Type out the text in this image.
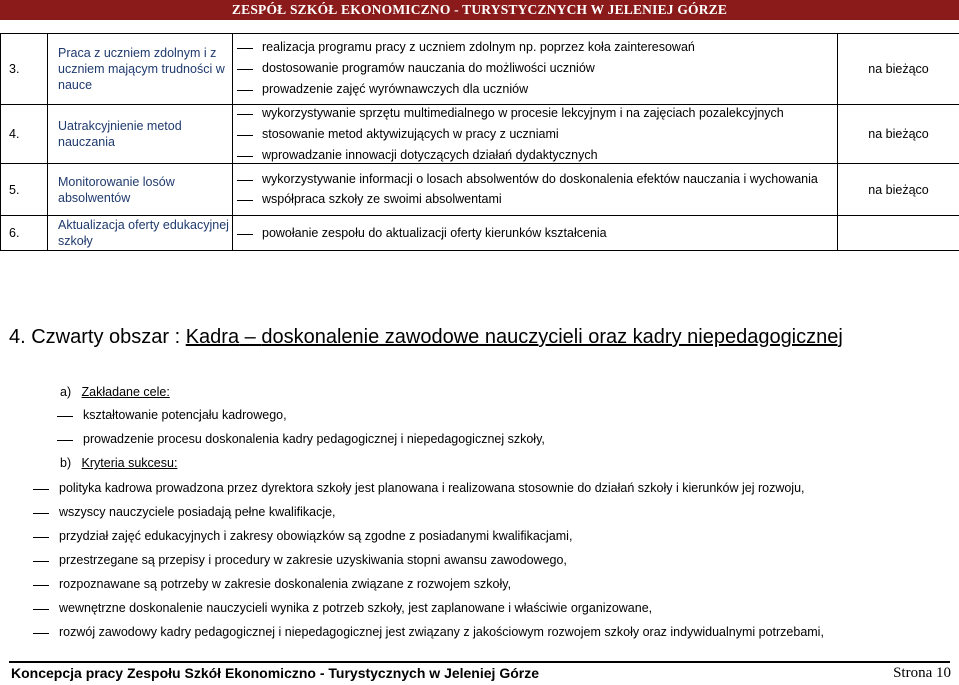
ZESPÓŁ SZKÓŁ EKONOMICZNO - TURYSTYCZNYCH W JELENIEJ GÓRZE
3.	Praca z uczniem zdolnym i z uczniem mającym trudności w nauce	realizacja programu pracy z uczniem zdolnym np. poprzez koła zainteresowań
dostosowanie programów nauczania do możliwości uczniów
prowadzenie zajęć wyrównawczych dla uczniów	na bieżąco
4.	Uatrakcyjnienie metod nauczania	wykorzystywanie sprzętu multimedialnego w procesie lekcyjnym i na zajęciach pozalekcyjnych
stosowanie metod aktywizujących w pracy z uczniami
wprowadzanie innowacji dotyczących działań dydaktycznych	na bieżąco
5.	Monitorowanie losów absolwentów	wykorzystywanie informacji o losach absolwentów do doskonalenia efektów nauczania i wychowania
współpraca szkoły ze swoimi absolwentami	na bieżąco
6.	Aktualizacja oferty edukacyjnej szkoły	powołanie zespołu do aktualizacji oferty kierunków kształcenia	

4. Czwarty obszar : Kadra – doskonalenie zawodowe nauczycieli oraz kadry niepedagogicznej
a) Zakładane cele:
kształtowanie potencjału kadrowego,
prowadzenie procesu doskonalenia kadry pedagogicznej i niepedagogicznej szkoły,
b) Kryteria sukcesu:
polityka kadrowa prowadzona przez dyrektora szkoły jest planowana i realizowana stosownie do działań szkoły i kierunków jej rozwoju,
wszyscy nauczyciele posiadają pełne kwalifikacje,
przydział zajęć edukacyjnych i zakresy obowiązków są zgodne z posiadanymi kwalifikacjami,
przestrzegane są przepisy i procedury w zakresie uzyskiwania stopni awansu zawodowego,
rozpoznawane są potrzeby w zakresie doskonalenia związane z rozwojem szkoły,
wewnętrzne doskonalenie nauczycieli wynika z potrzeb szkoły, jest zaplanowane i właściwie organizowane,
rozwój zawodowy kadry pedagogicznej i niepedagogicznej jest związany z jakościowym rozwojem szkoły oraz indywidualnymi potrzebami,
Koncepcja pracy Zespołu Szkół Ekonomiczno - Turystycznych w Jeleniej Górze	Strona 10
